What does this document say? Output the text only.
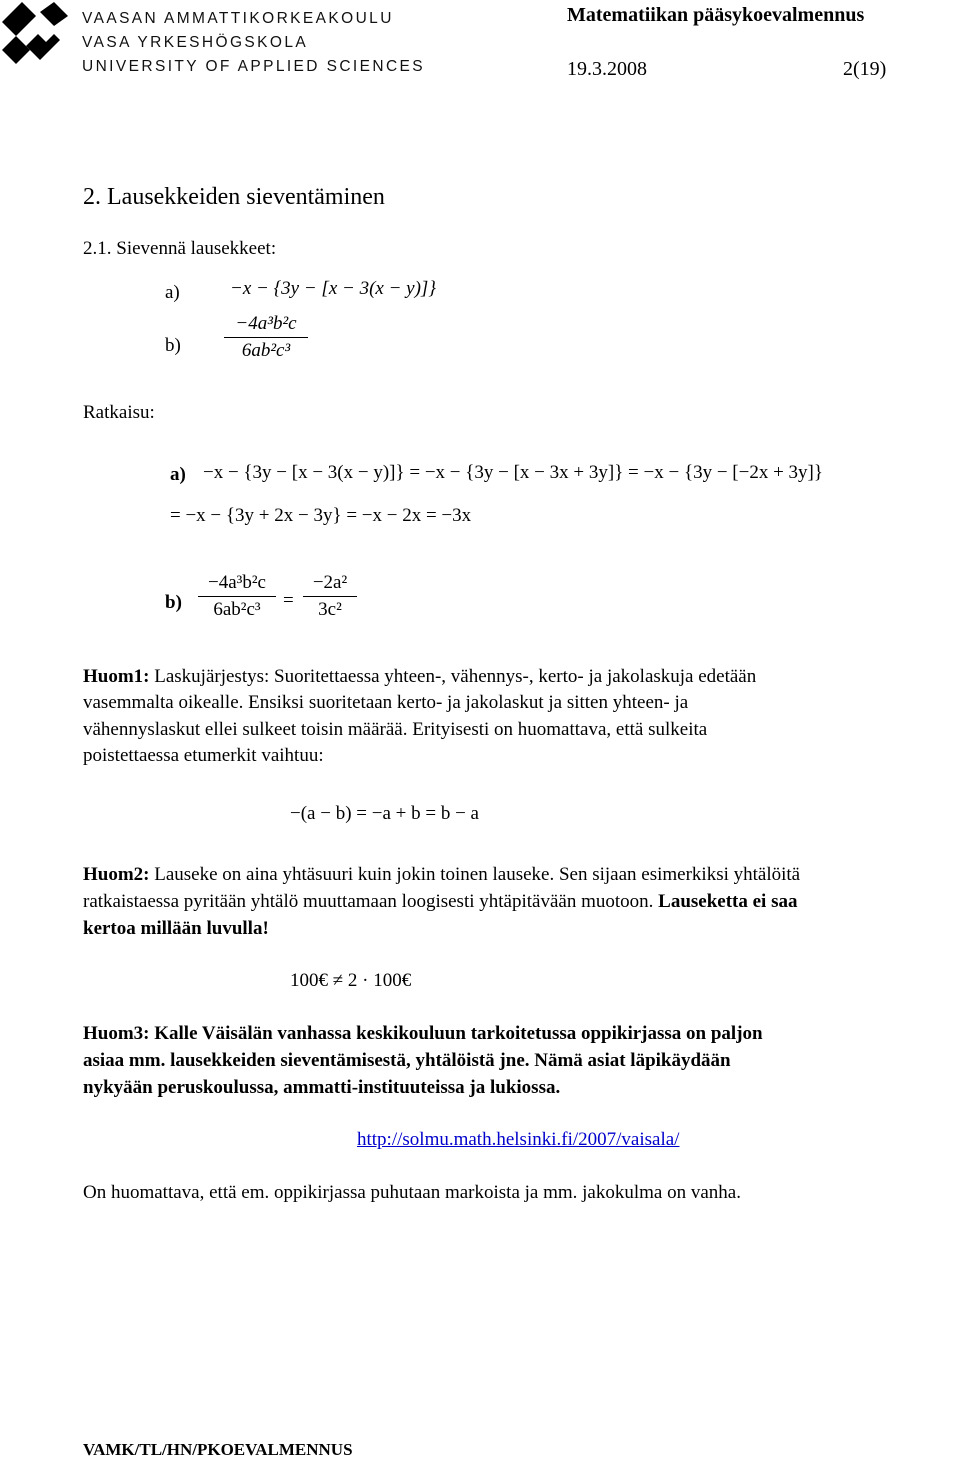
VAASAN AMMATTIKORKEAKOULU
VASA YRKESHÖGSKOLA
UNIVERSITY OF APPLIED SCIENCES
Matematiikan pääsykoevalmennus
19.3.2008	2(19)
2. Lausekkeiden sieventäminen
2.1. Sievennä lausekkeet:
a)	−x − {3y − [x − 3(x − y)]}
b)
−4a³b²c
6ab²c³
Ratkaisu:
a) −x − {3y − [x − 3(x − y)]} = −x − {3y − [x − 3x + 3y]} = −x − {3y − [−2x + 3y]}
= −x − {3y + 2x − 3y} = −x − 2x = −3x
b)
−4a³b²c
6ab²c³	=
−2a²
3c²
Huom1: Laskujärjestys: Suoritettaessa yhteen-, vähennys-, kerto- ja jakolaskuja edetään
vasemmalta oikealle. Ensiksi suoritetaan kerto- ja jakolaskut ja sitten yhteen- ja
vähennyslaskut ellei sulkeet toisin määrää. Erityisesti on huomattava, että sulkeita
poistettaessa etumerkit vaihtuu:
−(a − b) = −a + b = b − a
Huom2: Lauseke on aina yhtäsuuri kuin jokin toinen lauseke. Sen sijaan esimerkiksi yhtälöitä
ratkaistaessa pyritään yhtälö muuttamaan loogisesti yhtäpitävään muotoon. Lauseketta ei saa
kertoa millään luvulla!
100€ ≠ 2 · 100€
Huom3: Kalle Väisälän vanhassa keskikouluun tarkoitetussa oppikirjassa on paljon
asiaa mm. lausekkeiden sieventämisestä, yhtälöistä jne. Nämä asiat läpikäydään
nykyään peruskoulussa, ammatti-instituuteissa ja lukiossa.
http://solmu.math.helsinki.fi/2007/vaisala/
On huomattava, että em. oppikirjassa puhutaan markoista ja mm. jakokulma on vanha.
VAMK/TL/HN/PKOEVALMENNUS
